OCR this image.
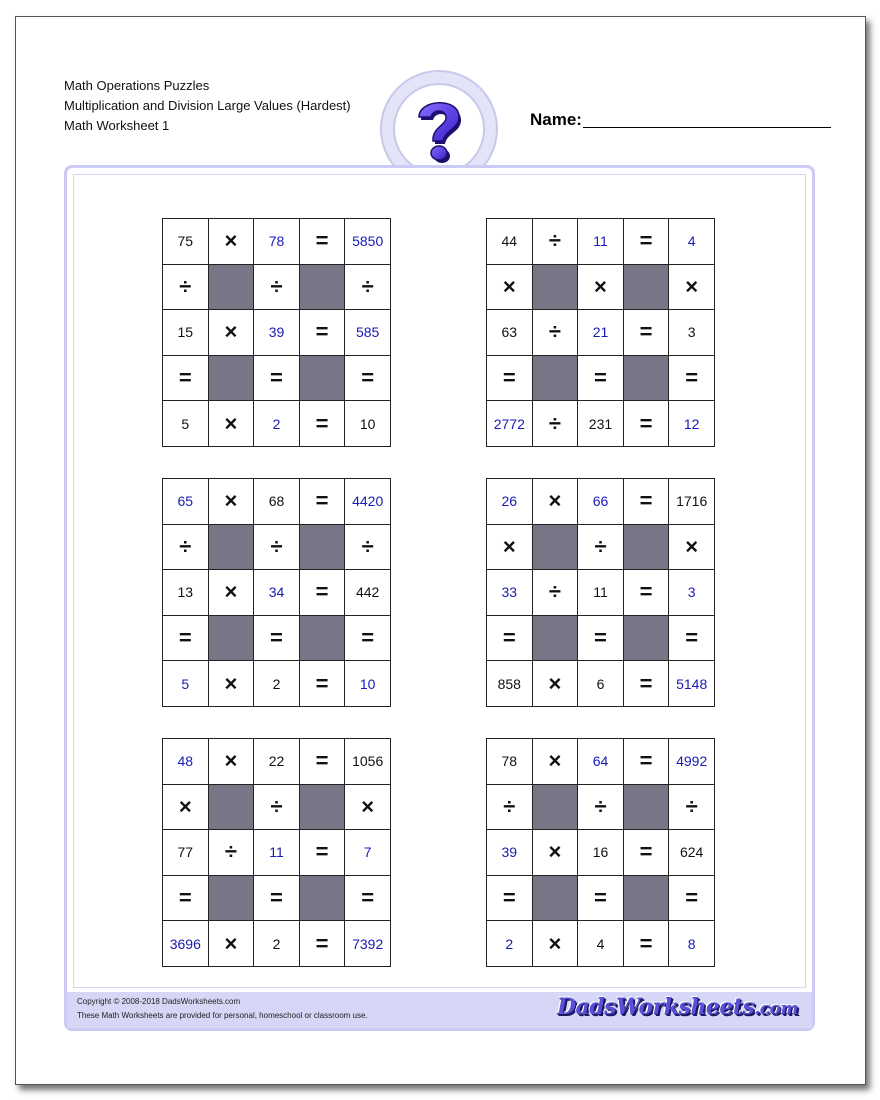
Math Operations Puzzles
Multiplication and Division Large Values (Hardest)
Math Worksheet 1	Name:
Copyright © 2008-2018 DadsWorksheets.com
These Math Worksheets are provided for personal, homeschool or classroom use.	DadsWorksheets.com
75	×	78	=	5850
÷	÷	÷
15	×	39	=	585
=	=	=
5	×	2	=	10
44	÷	11	=	4
×	×	×
63	÷	21	=	3
=	=	=
2772	÷	231	=	12
65	×	68	=	4420
÷	÷	÷
13	×	34	=	442
=	=	=
5	×	2	=	10
26	×	66	=	1716
×	÷	×
33	÷	11	=	3
=	=	=
858	×	6	=	5148
48	×	22	=	1056
×	÷	×
77	÷	11	=	7
=	=	=
3696	×	2	=	7392
78	×	64	=	4992
÷	÷	÷
39	×	16	=	624
=	=	=
2	×	4	=	8
